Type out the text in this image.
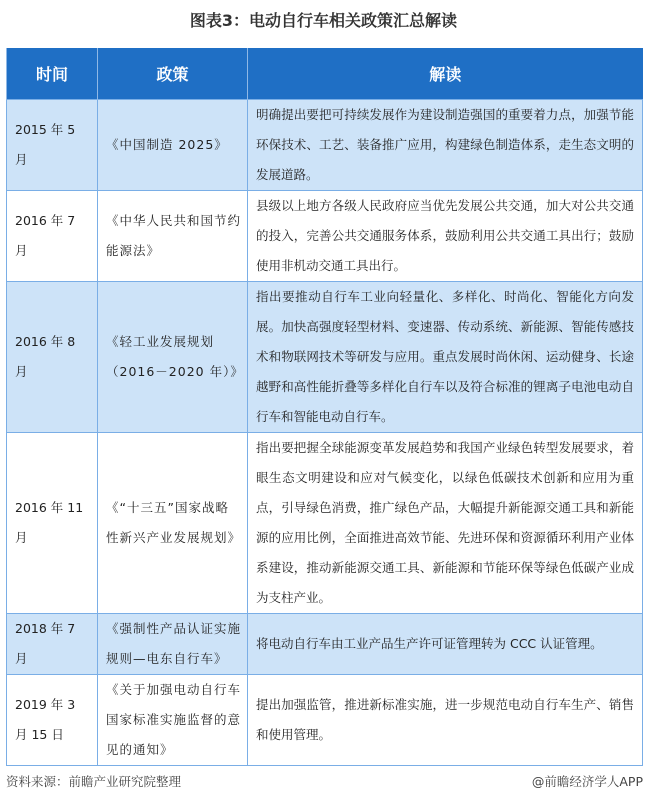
图表3：电动自行车相关政策汇总解读
时间	政策	解读
2015 年 5 月	《中国制造 2025》	明确提出要把可持续发展作为建设制造强国的重要着力点，加强节能环保技术、工艺、装备推广应用，构建绿色制造体系，走生态文明的发展道路。
2016 年 7 月	《中华人民共和国节约能源法》	县级以上地方各级人民政府应当优先发展公共交通，加大对公共交通的投入，完善公共交通服务体系，鼓励利用公共交通工具出行；鼓励使用非机动交通工具出行。
2016 年 8 月	《轻工业发展规划（2016－2020 年）》	指出要推动自行车工业向轻量化、多样化、时尚化、智能化方向发展。加快高强度轻型材料、变速器、传动系统、新能源、智能传感技术和物联网技术等研发与应用。重点发展时尚休闲、运动健身、长途越野和高性能折叠等多样化自行车以及符合标准的锂离子电池电动自行车和智能电动自行车。
2016 年 11 月	《“十三五”国家战略性新兴产业发展规划》	指出要把握全球能源变革发展趋势和我国产业绿色转型发展要求，着眼生态文明建设和应对气候变化，以绿色低碳技术创新和应用为重点，引导绿色消费，推广绿色产品，大幅提升新能源交通工具和新能源的应用比例，全面推进高效节能、先进环保和资源循环利用产业体系建设，推动新能源交通工具、新能源和节能环保等绿色低碳产业成为支柱产业。
2018 年 7 月	《强制性产品认证实施规则—电东自行车》	将电动自行车由工业产品生产许可证管理转为 CCC 认证管理。
2019 年 3 月 15 日	《关于加强电动自行车国家标准实施监督的意见的通知》	提出加强监管，推进新标准实施，进一步规范电动自行车生产、销售和使用管理。
资料来源：前瞻产业研究院整理	@前瞻经济学人APP
